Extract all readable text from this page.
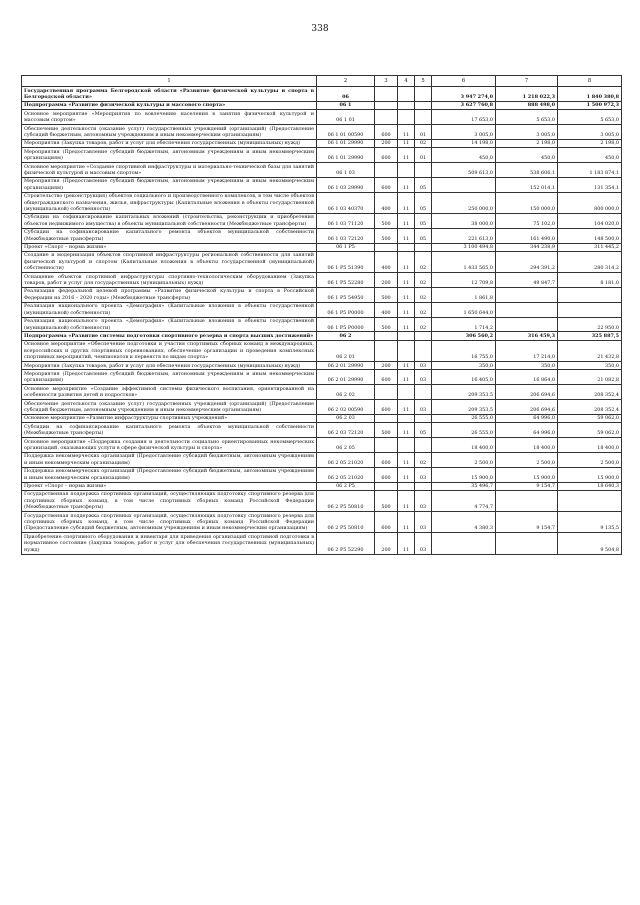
338
1	2	3	4	5	6	7	8
Государственная программа Белгородской области «Развитие физической культуры и спорта в Белгородской области»	06				3 947 274,0	1 218 022,3	1 840 380,8
Подпрограмма «Развитие физической культуры и массового спорта»	06 1				3 627 760,8	888 498,0	1 500 972,3
Основное мероприятие «Мероприятия по вовлечению населения в занятия физической культурой и массовым спортом»	06 1 01				17 653,0	5 653,0	5 653,0
Обеспечение деятельности (оказание услуг) государственных учреждений (организаций) (Предоставление субсидий бюджетным, автономным учреждениям и иным некоммерческим организациям)	06 1 01 00590	600	11	01	3 005,0	3 005,0	3 005,0
Мероприятия (Закупка товаров, работ и услуг для обеспечения государственных (муниципальных) нужд)	06 1 01 29990	200	11	02	14 198,0	2 198,0	2 198,0
Мероприятия (Предоставление субсидий бюджетным, автономным учреждениям и иным некоммерческим организациям)	06 1 01 29990	600	11	01	450,0	450,0	450,0
Основное мероприятие «Создание спортивной инфраструктуры и материально-технической базы для занятий физической культурой и массовым спортом»	06 1 03				509 613,0	538 606,1	1 183 874,1
Мероприятия (Предоставление субсидий бюджетным, автономным учреждениям и иным некоммерческим организациям)	06 1 03 29990	600	11	05		152 014,1	131 354,1
Строительство (реконструкция) объектов социального и производственного комплексов, в том числе объектов общегражданского назначения, жилья, инфраструктуры (Капитальные вложения в объекты государственной (муниципальной) собственности)	06 1 03 40370	400	11	05	250 000,0	150 000,0	800 000,0
Субсидии на софинансирование капитальных вложений (строительства, реконструкции и приобретения объектов недвижимого имущества) в объекты муниципальной собственности (Межбюджетные трансферты)	06 1 03 71120	500	11	05	38 000,0	75 102,0	104 020,0
Субсидии на софинансирование капитального ремонта объектов муниципальной собственности (Межбюджетные трансферты)	06 1 03 72120	500	11	05	221 613,0	161 490,0	148 500,0
Проект «Спорт – норма жизни»	06 1 P5				3 100 494,8	344 238,9	311 445,2
Создание и модернизация объектов спортивной инфраструктуры региональной собственности для занятий физической культурой и спортом (Капитальные вложения в объекты государственной (муниципальной) собственности)	06 1 P5 51390	400	11	02	1 433 565,0	294 391,2	280 314,2
Оснащение объектов спортивной инфраструктуры спортивно-технологическим оборудованием (Закупка товаров, работ и услуг для государственных (муниципальных) нужд)	06 1 P5 52280	200	11	02	12 709,8	49 847,7	8 181,0
Реализация федеральной целевой программы «Развитие физической культуры и спорта в Российской Федерации на 2016 – 2020 годы» (Межбюджетные трансферты)	06 1 P5 54950	500	11	02	1 861,8		
Реализация национального проекта «Демография» (Капитальные вложения в объекты государственной (муниципальной) собственности)	06 1 P5 Р0000	400	11	02	1 650 644,0		
Реализация национального проекта «Демография» (Капитальные вложения в объекты государственной (муниципальной) собственности)	06 1 P5 Р0000	500	11	02	1 714,2		22 950,0
Подпрограмма «Развитие системы подготовки спортивного резерва и спорта высших достижений»	06 2				306 560,2	316 459,3	325 887,5
Основное мероприятие «Обеспечение подготовки и участия спортивных сборных команд в международных, всероссийских и других спортивных соревнованиях, обеспечение организации и проведения комплексных спортивных мероприятий, чемпионатов и первенств по видам спорта»	06 2 01				16 755,0	17 214,0	21 432,8
Мероприятия (Закупка товаров, работ и услуг для обеспечения государственных (муниципальных) нужд)	06 2 01 29990	200	11	03	350,0	350,0	350,0
Мероприятия (Предоставление субсидий бюджетным, автономным учреждениям и иным некоммерческим организациям)	06 2 01 29990	600	11	03	16 405,0	16 864,0	21 082,8
Основное мероприятие «Создание эффективной системы физического воспитания, ориентированной на особенности развития детей и подростков»	06 2 02				209 353,5	206 694,6	208 352,4
Обеспечение деятельности (оказание услуг) государственных учреждений (организаций) (Предоставление субсидий бюджетным, автономным учреждениям и иным некоммерческим организациям)	06 2 02 00590	600	11	03	209 353,5	206 694,6	208 352,4
Основное мероприятие «Развитие инфраструктуры спортивных учреждений»	06 2 03				26 555,0	64 996,0	59 062,0
Субсидии на софинансирование капитального ремонта объектов муниципальной собственности (Межбюджетные трансферты)	06 2 03 72120	500	11	05	26 555,0	64 996,0	59 062,0
Основное мероприятие «Поддержка создания и деятельности социально ориентированных некоммерческих организаций, оказывающих услуги в сфере физической культуры и спорта»	06 2 05				18 400,0	18 400,0	18 400,0
Поддержка некоммерческих организаций (Предоставление субсидий бюджетным, автономным учреждениям и иным некоммерческим организациям)	06 2 05 21020	600	11	02	2 500,0	2 500,0	2 500,0
Поддержка некоммерческих организаций (Предоставление субсидий бюджетным, автономным учреждениям и иным некоммерческим организациям)	06 2 05 21020	600	11	03	15 900,0	15 900,0	15 900,0
Проект «Спорт – норма жизни»	06 2 P5				35 496,7	9 154,7	18 640,3
Государственная поддержка спортивных организаций, осуществляющих подготовку спортивного резерва для спортивных сборных команд, в том числе спортивных сборных команд Российской Федерации (Межбюджетные трансферты)	06 2 P5 50810	500	11	03	4 774,7		
Государственная поддержка спортивных организаций, осуществляющих подготовку спортивного резерва для спортивных сборных команд, в том числе спортивных сборных команд Российской Федерации (Предоставление субсидий бюджетным, автономным учреждениям и иным некоммерческим организациям)	06 2 P5 50810	600	11	03	4 380,3	9 154,7	9 135,5
Приобретение спортивного оборудования и инвентаря для приведения организаций спортивной подготовки в нормативное состояние (Закупка товаров, работ и услуг для обеспечения государственных (муниципальных) нужд)	06 2 P5 52290	200	11	03			9 504,8
